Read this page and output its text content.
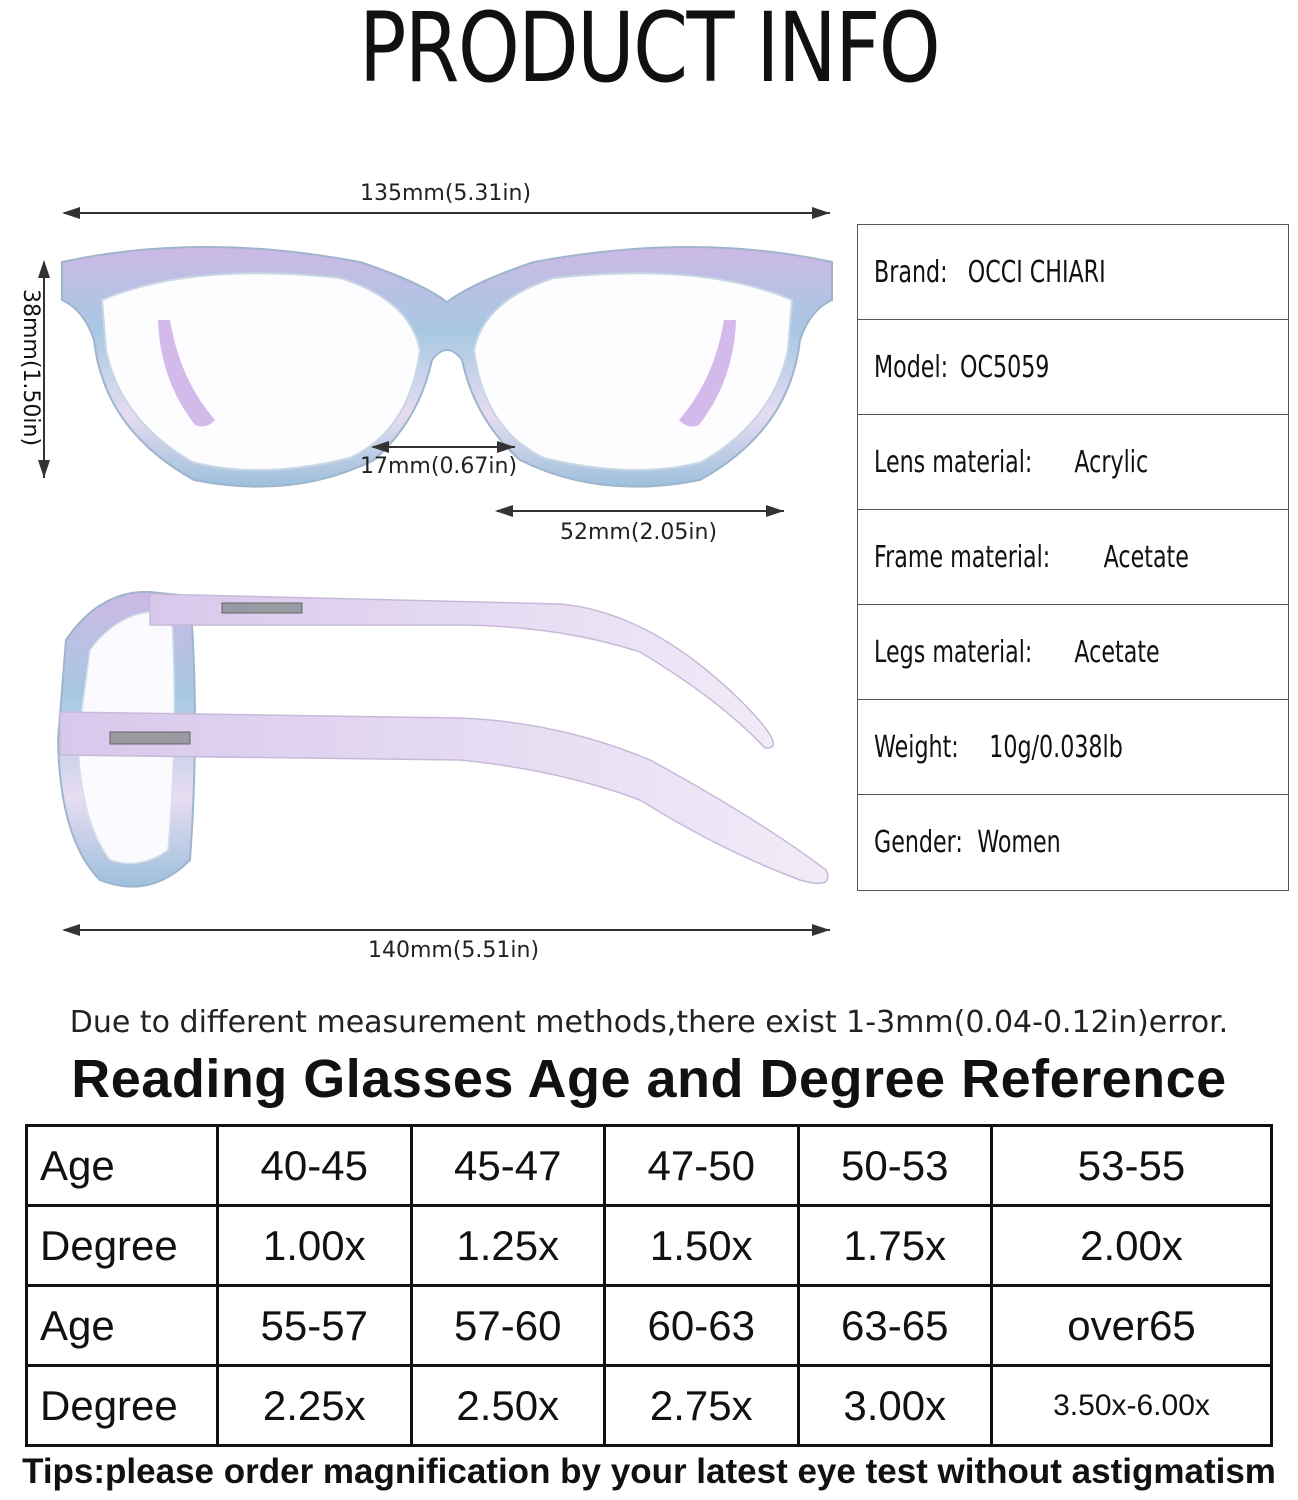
PRODUCT INFO
135mm(5.31in)
38mm(1.50in)
17mm(0.67in)
52mm(2.05in)
140mm(5.51in)
Brand: OCCI CHIARI
Model: OC5059
Lens material: Acrylic
Frame material: Acetate
Legs material: Acetate
Weight: 10g/0.038lb
Gender: Women
Due to different measurement methods,there exist 1-3mm(0.04-0.12in)error.
Reading Glasses Age and Degree Reference
Age	40-45	45-47	47-50	50-53	53-55
Degree	1.00x	1.25x	1.50x	1.75x	2.00x
Age	55-57	57-60	60-63	63-65	over65
Degree	2.25x	2.50x	2.75x	3.00x	3.50x-6.00x
Tips:please order magnification by your latest eye test without astigmatism
